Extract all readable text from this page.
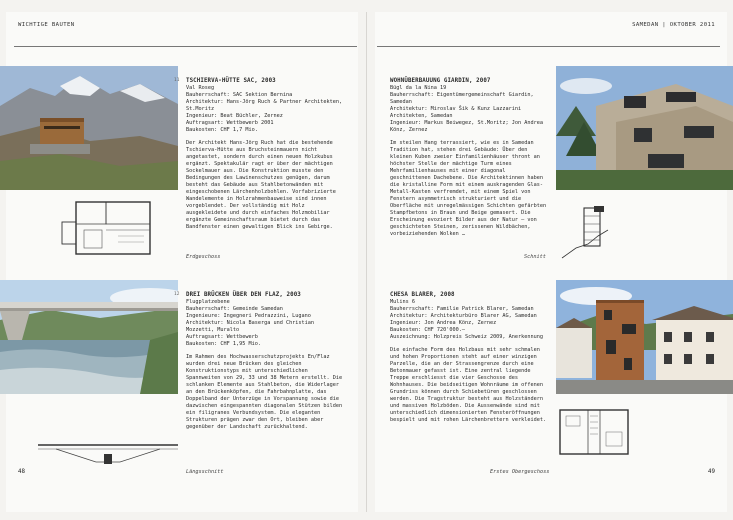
WICHTIGE BAUTEN	SAMEDAN | OKTOBER 2011
11 TSCHIERVA-HÜTTE SAC, 2003
Val Roseg
Bauherrschaft: SAC Sektion Bernina
Architektur: Hans-Jörg Ruch & Partner Architekten, St.Moritz
Ingenieur: Beat Büchler, Zernez
Auftragsart: Wettbewerb 2001
Baukosten: CHF 1,7 Mio.

Der Architekt Hans-Jörg Ruch hat die bestehende Tschierva-Hütte aus Bruchsteinmauern nicht angetastet, sondern durch einen neuen Holzkubus ergänzt. Spektakulär ragt er über der mächtigen Sockelmauer aus. Die Konstruktion musste den Bedingungen des Lawinenschutzes genügen, darum besteht das Gebäude aus Stahlbetonwänden mit eingeschobenen Lärchenholzbohlen. Vorfabrizierte Wandelemente in Holzrahmenbauweise sind innen vorgeblendet. Der vollständig mit Holz ausgekleidete und durch einfaches Holzmobiliar ergänzte Gemeinschaftsraum bietet durch das Bandfenster einen gewaltigen Blick ins Gebirge.

Erdgeschoss
12 DREI BRÜCKEN ÜBER DEN FLAZ, 2003
Flugplatzebene
Bauherrschaft: Gemeinde Samedan
Ingenieure: Ingegneri Pedrazzini, Lugano
Architektur: Nicola Baserga und Christian Mozzetti, Muralto
Auftragsart: Wettbewerb
Baukosten: CHF 1,95 Mio.

Im Rahmen des Hochwasserschutzprojekts En/Flaz wurden drei neue Brücken des gleichen Konstruktionstyps mit unterschiedlichen Spannweiten von 29, 33 und 38 Metern erstellt. Die schlanken Elemente aus Stahlbeton, die Widerlager an den Brückenköpfen, die Fahrbahnplatte, das Doppelband der Unterzüge in Vorspannung sowie die dazwischen eingespannten diagonalen Stützen bilden ein filigranes Verbundsystem. Die eleganten Strukturen prägen zwar den Ort, bleiben aber gegenüber der Landschaft zurückhaltend.

Längsschnitt
WOHNÜBERBAUUNG GIARDIN, 2007
Bügl da la Nina 19
Bauherrschaft: Eigentümergemeinschaft Giardin, Samedan
Architektur: Miroslav Šik & Kunz Lazzarini Architekten, Samedan
Ingenieur: Markus Beiwegez, St.Moritz; Jon Andrea Könz, Zernez

Im steilen Hang terrassiert, wie es in Samedan Tradition hat, stehen drei Gebäude: Über den kleinen Kuben zweier Einfamilienhäuser thront an höchster Stelle der mächtige Turm eines Mehrfamilienhauses mit einer diagonal geschnittenen Dachebene. Die Architektinnen haben die kristalline Form mit einem auskragenden Glas-Metall-Kasten verfremdet, mit einem Spiel von Fenstern asymmetrisch strukturiert und die Oberfläche mit unregelmässigen Schichten gefärbten Stampfbetons in Braun und Beige gemasert. Die Erscheinung evoziert Bilder aus der Natur – von geschichteten Steinen, zerissenen Wildbächen, vorbeiziehenden Wolken …

Schnitt
CHESA BLARER, 2008
Mulins 6
Bauherrschaft: Familie Patrick Blarer, Samedan
Architektur: Architekturbüro Blarer AG, Samedan
Ingenieur: Jon Andrea Könz, Zernez
Baukosten: CHF 720'000.–
Auszeichnung: Holzpreis Schweiz 2009, Anerkennung

Die einfache Form des Holzbaus mit sehr schmalen und hohen Proportionen steht auf einer winzigen Parzelle, die an der Strassengrenze durch eine Betonmauer gefasst ist. Eine zentral liegende Treppe erschliesst die vier Geschosse des Wohnhauses. Die beidseitigen Wohnräume im offenen Grundriss können durch Schiebetüren geschlossen werden. Die Tragstruktur besteht aus Holzständern und massiven Holzböden. Die Aussenwände sind mit unterschiedlich dimensionierten Fensteröffnungen bespielt und mit rohen Lärchenbrettern verkleidet.

Erstes Obergeschoss
48	49
